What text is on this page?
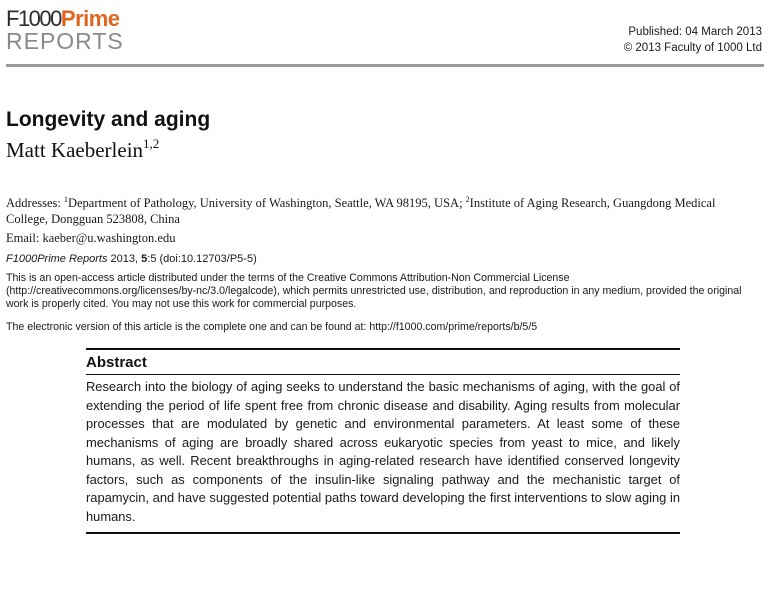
F1000Prime
REPORTS	Published: 04 March 2013
© 2013 Faculty of 1000 Ltd
Longevity and aging
Matt Kaeberlein$^{1,2}$
Addresses: $^1$Department of Pathology, University of Washington, Seattle, WA 98195, USA; $^2$Institute of Aging Research, Guangdong Medical College, Dongguan 523808, China
Email: kaeber@u.washington.edu
F1000Prime Reports 2013, 5:5 (doi:10.12703/P5-5)
This is an open-access article distributed under the terms of the Creative Commons Attribution-Non Commercial License (http://creativecommons.org/licenses/by-nc/3.0/legalcode), which permits unrestricted use, distribution, and reproduction in any medium, provided the original work is properly cited. You may not use this work for commercial purposes.
The electronic version of this article is the complete one and can be found at: http://f1000.com/prime/reports/b/5/5
Abstract

Research into the biology of aging seeks to understand the basic mechanisms of aging, with the goal of extending the period of life spent free from chronic disease and disability. Aging results from molecular processes that are modulated by genetic and environmental parameters. At least some of these mechanisms of aging are broadly shared across eukaryotic species from yeast to mice, and likely humans, as well. Recent breakthroughs in aging-related research have identified conserved longevity factors, such as components of the insulin-like signaling pathway and the mechanistic target of rapamycin, and have suggested potential paths toward developing the first interventions to slow aging in humans.
